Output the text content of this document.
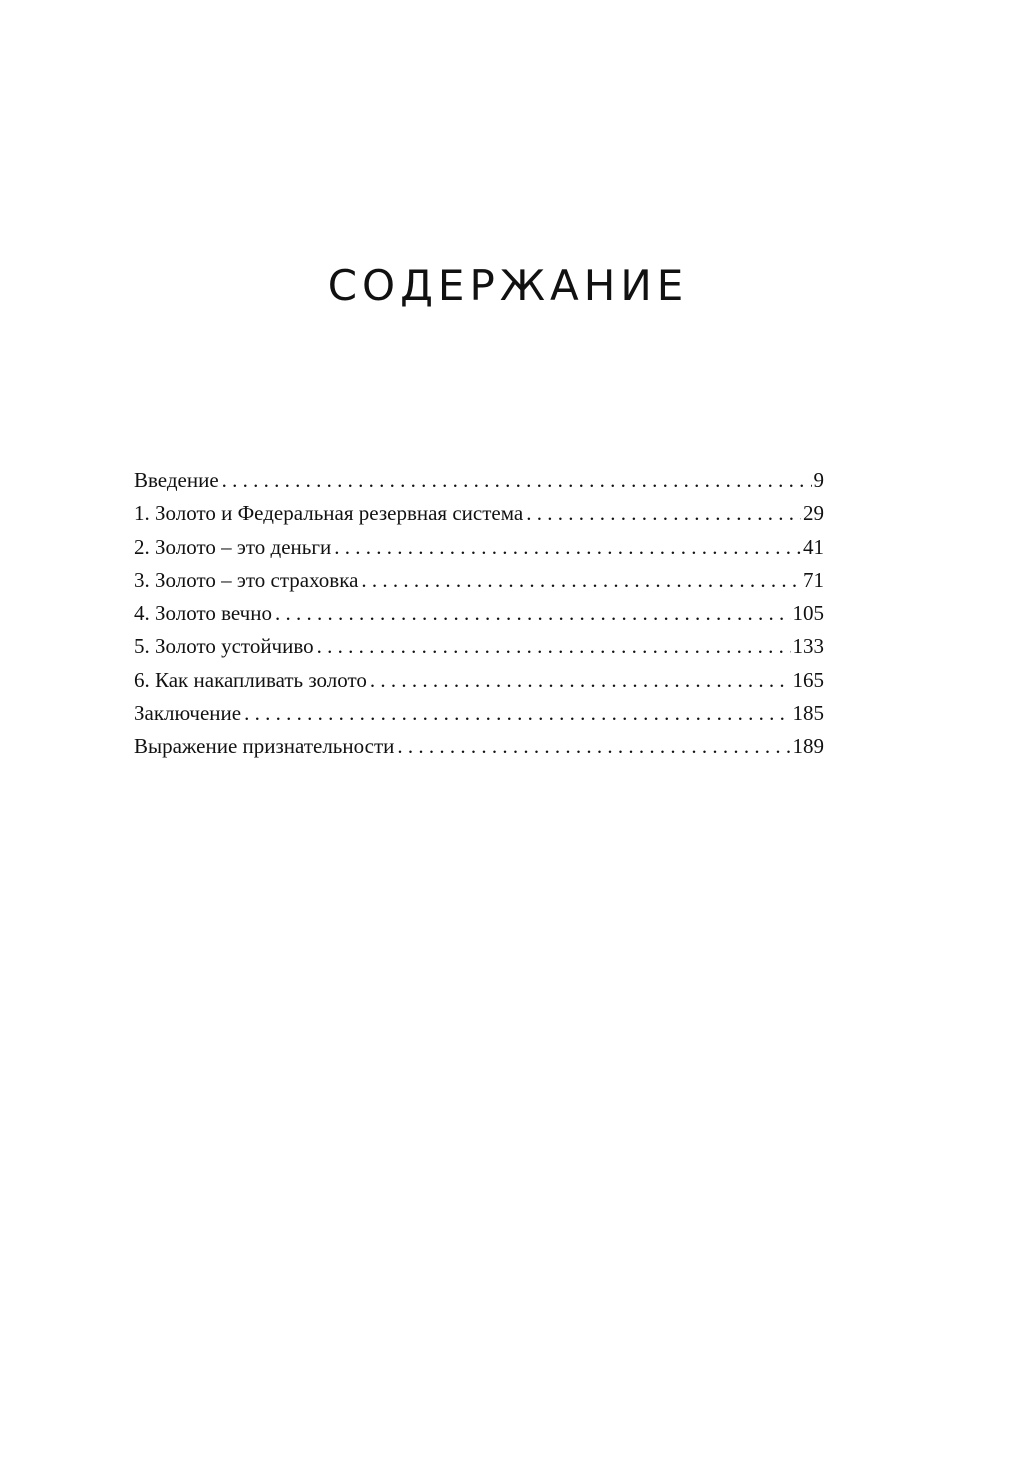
СОДЕРЖАНИЕ
Введение . . .	9
1. Золото и Федеральная резервная система . . .	29
2. Золото – это деньги . . .	41
3. Золото – это страховка . . .	71
4. Золото вечно . . .	105
5. Золото устойчиво . . .	133
6. Как накапливать золото . . .	165
Заключение . . .	185
Выражение признательности . . .	189
